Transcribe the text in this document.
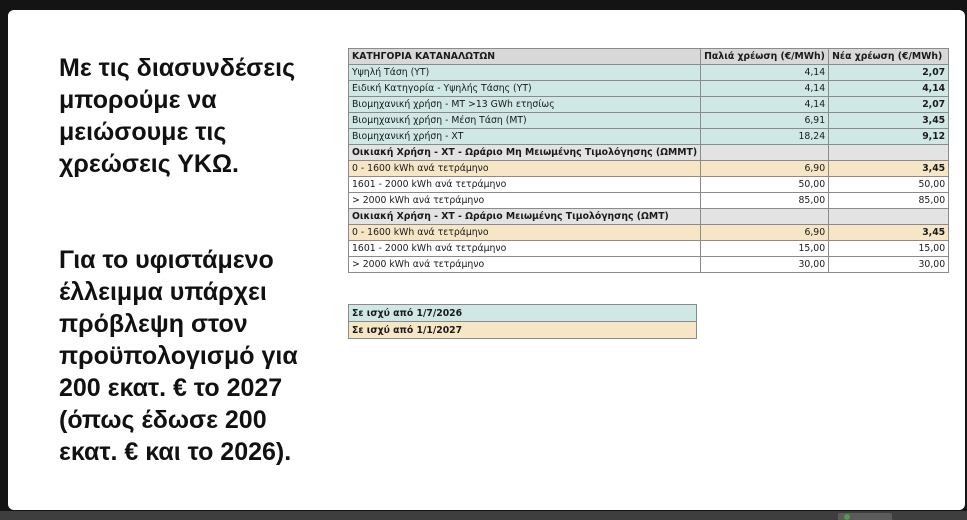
Με τις διασυνδέσεις
μπορούμε να
μειώσουμε τις
χρεώσεις ΥΚΩ.
Για το υφιστάμενο
έλλειμμα υπάρχει
πρόβλεψη στον
προϋπολογισμό για
200 εκατ. € το 2027
(όπως έδωσε 200
εκατ. € και το 2026).
ΚΑΤΗΓΟΡΙΑ ΚΑΤΑΝΑΛΩΤΩΝ	Παλιά χρέωση (€/MWh)	Νέα χρέωση (€/MWh)
Υψηλή Τάση (ΥΤ)	4,14	2,07
Ειδική Κατηγορία - Υψηλής Τάσης (ΥΤ)	4,14	4,14
Βιομηχανική χρήση - ΜΤ >13 GWh ετησίως	4,14	2,07
Βιομηχανική χρήση - Μέση Τάση (ΜΤ)	6,91	3,45
Βιομηχανική χρήση - ΧΤ	18,24	9,12
Οικιακή Χρήση - ΧΤ - Ωράριο Μη Μειωμένης Τιμολόγησης (ΩΜΜΤ)		
0 - 1600 kWh ανά τετράμηνο	6,90	3,45
1601 - 2000 kWh ανά τετράμηνο	50,00	50,00
> 2000 kWh ανά τετράμηνο	85,00	85,00
Οικιακή Χρήση - ΧΤ - Ωράριο Μειωμένης Τιμολόγησης (ΩΜΤ)		
0 - 1600 kWh ανά τετράμηνο	6,90	3,45
1601 - 2000 kWh ανά τετράμηνο	15,00	15,00
> 2000 kWh ανά τετράμηνο	30,00	30,00
Σε ισχύ από 1/7/2026
Σε ισχύ από 1/1/2027
